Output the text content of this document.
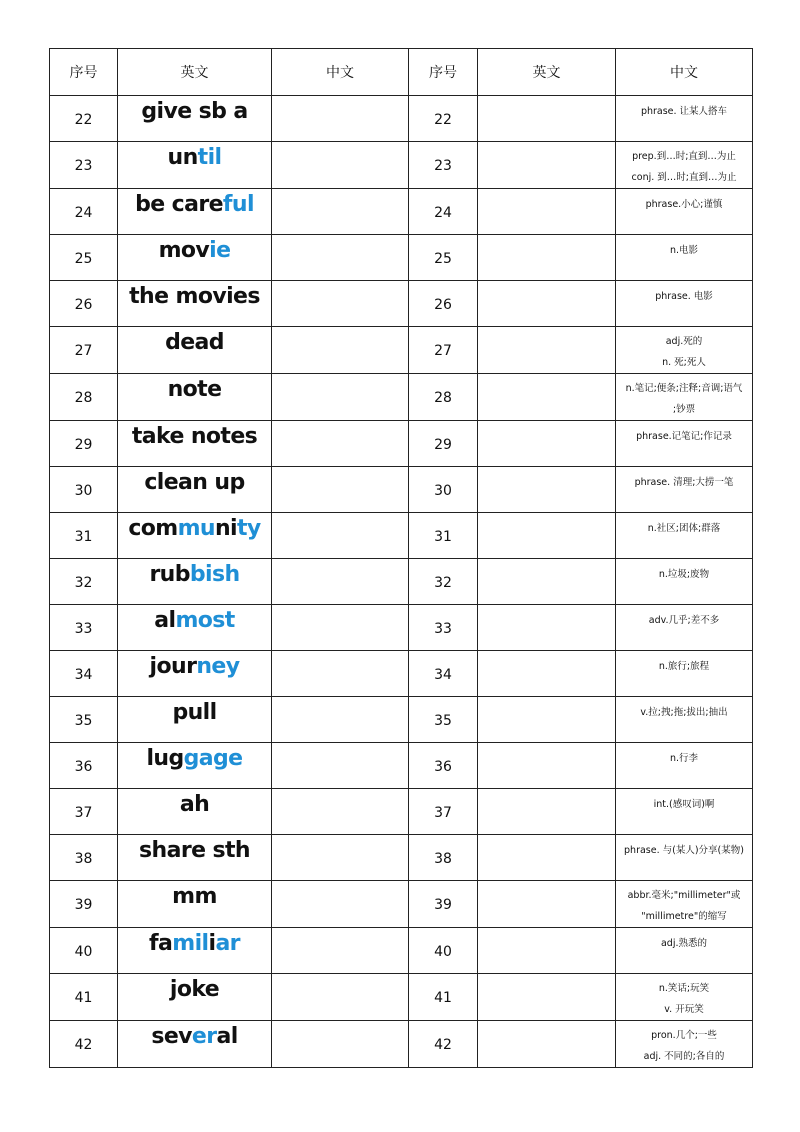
序号	英文	中文	序号	英文	中文
22	give sb a		22		phrase. 让某人搭车

23	until		23		prep.到…时;直到…为止
conj. 到…时;直到…为止

24	be careful		24		phrase.小心;谨慎

25	movie		25		n.电影

26	the movies		26		phrase. 电影

27	dead		27		adj.死的
n. 死;死人

28	note		28		n.笔记;便条;注释;音调;语气
;钞票

29	take notes		29		phrase.记笔记;作记录

30	clean up		30		phrase. 清理;大捞一笔

31	community		31		n.社区;团体;群落

32	rubbish		32		n.垃圾;废物

33	almost		33		adv.几乎;差不多

34	journey		34		n.旅行;旅程

35	pull		35		v.拉;拽;拖;拔出;抽出

36	luggage		36		n.行李

37	ah		37		int.(感叹词)啊

38	share sth		38		phrase. 与(某人)分享(某物)

39	mm		39		abbr.毫米;"millimeter"或
"millimetre"的缩写

40	familiar		40		adj.熟悉的

41	joke		41		n.笑话;玩笑
v. 开玩笑

42	several		42		pron.几个;一些
adj. 不同的;各自的
